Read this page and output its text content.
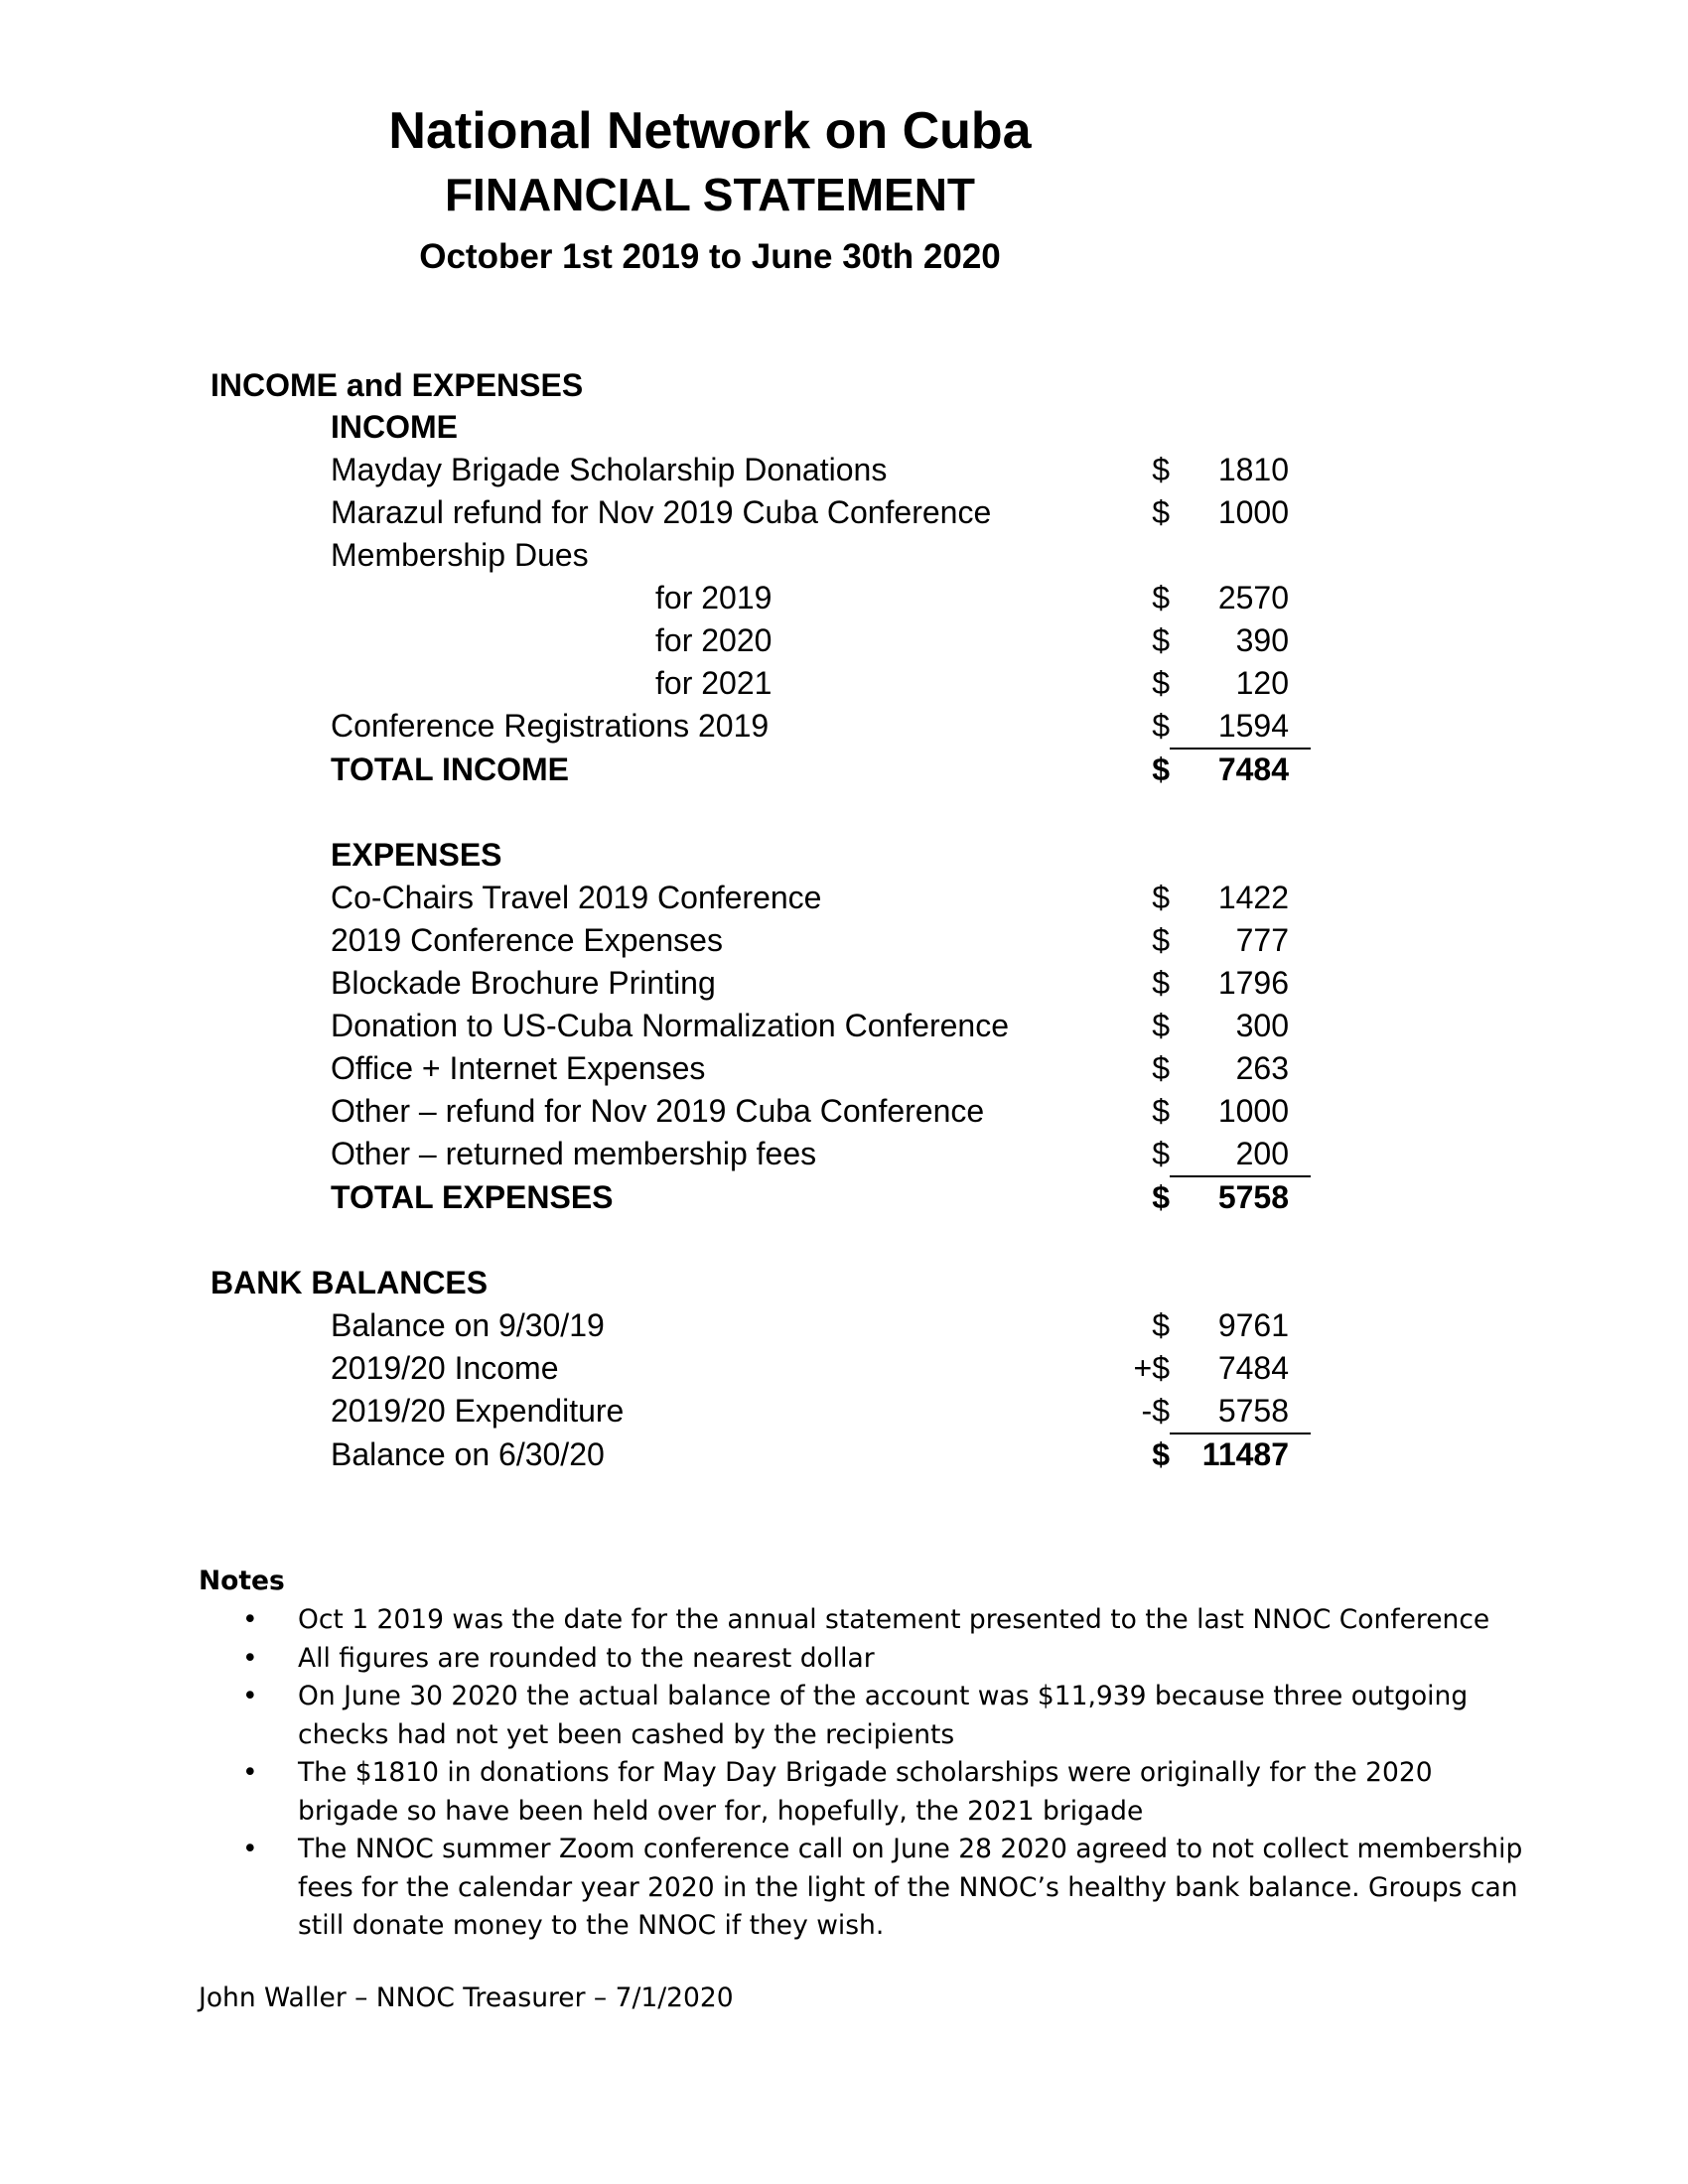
National Network on Cuba
FINANCIAL STATEMENT
October 1st 2019 to June 30th 2020
INCOME and EXPENSES
INCOME
Mayday Brigade Scholarship Donations	$	1810
Marazul refund for Nov 2019 Cuba Conference	$	1000
Membership Dues
for 2019	$	2570
for 2020	$	390
for 2021	$	120
Conference Registrations 2019	$	1594
TOTAL INCOME	$	7484
EXPENSES
Co-Chairs Travel 2019 Conference	$	1422
2019 Conference Expenses	$	777
Blockade Brochure Printing	$	1796
Donation to US-Cuba Normalization Conference	$	300
Office + Internet Expenses	$	263
Other – refund for Nov 2019 Cuba Conference	$	1000
Other – returned membership fees	$	200
TOTAL EXPENSES	$	5758
BANK BALANCES
Balance on 9/30/19	$	9761
2019/20 Income	+$	7484
2019/20 Expenditure	-$	5758
Balance on 6/30/20	$	11487
Notes
• Oct 1 2019 was the date for the annual statement presented to the last NNOC Conference
• All figures are rounded to the nearest dollar
• On June 30 2020 the actual balance of the account was $11,939 because three outgoing checks had not yet been cashed by the recipients
• The $1810 in donations for May Day Brigade scholarships were originally for the 2020 brigade so have been held over for, hopefully, the 2021 brigade
• The NNOC summer Zoom conference call on June 28 2020 agreed to not collect membership fees for the calendar year 2020 in the light of the NNOC’s healthy bank balance. Groups can still donate money to the NNOC if they wish.
John Waller – NNOC Treasurer – 7/1/2020
